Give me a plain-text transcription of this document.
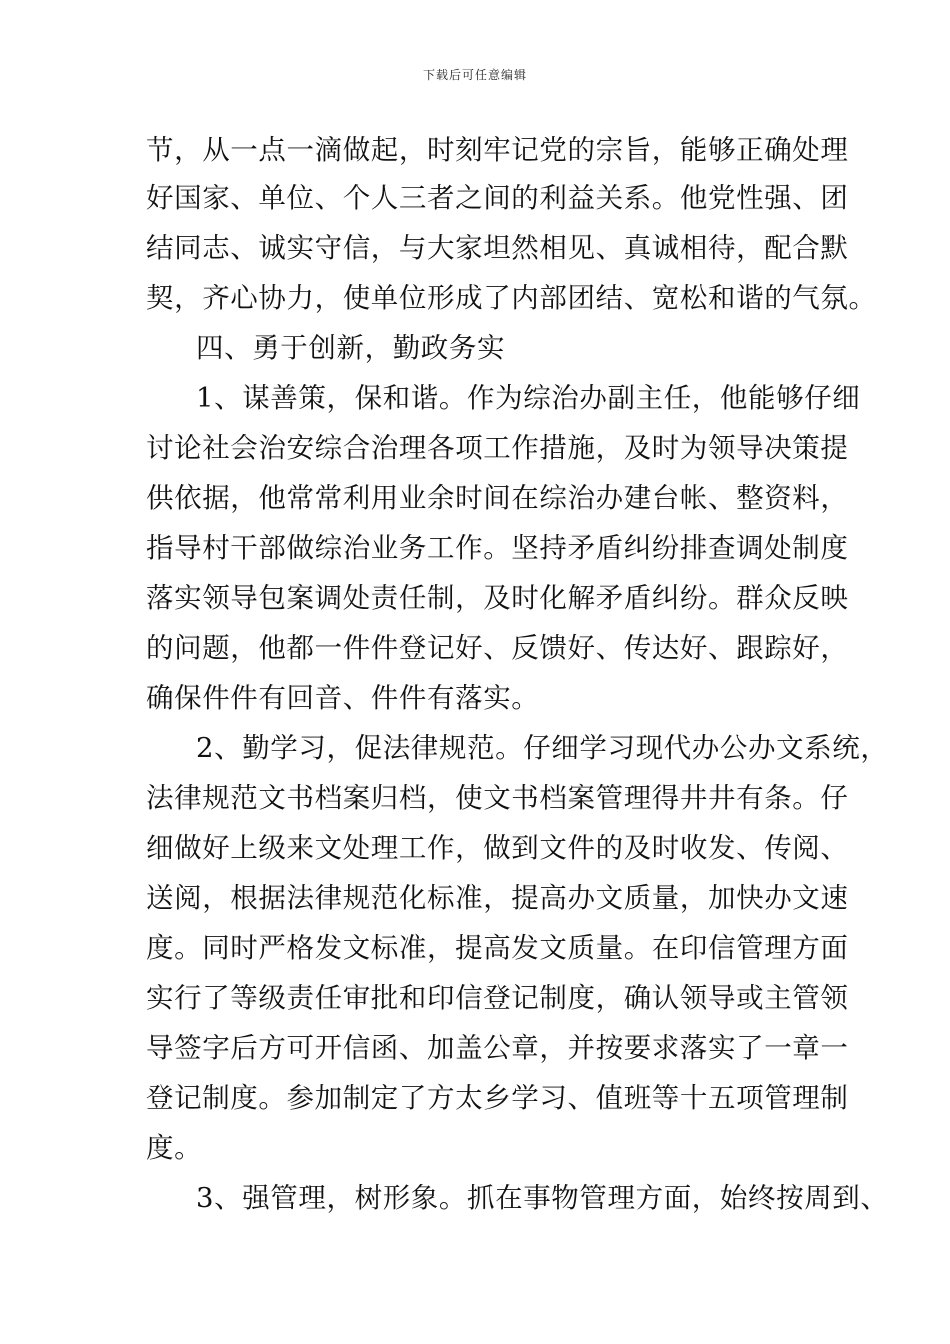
下载后可任意编辑
节，从一点一滴做起，时刻牢记党的宗旨，能够正确处理
好国家、单位、个人三者之间的利益关系。他党性强、团
结同志、诚实守信，与大家坦然相见、真诚相待，配合默
契，齐心协力，使单位形成了内部团结、宽松和谐的气氛。
四、勇于创新，勤政务实
1、谋善策，保和谐。作为综治办副主任，他能够仔细
讨论社会治安综合治理各项工作措施，及时为领导决策提
供依据，他常常利用业余时间在综治办建台帐、整资料，
指导村干部做综治业务工作。坚持矛盾纠纷排查调处制度
落实领导包案调处责任制，及时化解矛盾纠纷。群众反映
的问题，他都一件件登记好、反馈好、传达好、跟踪好，
确保件件有回音、件件有落实。
2、勤学习，促法律规范。仔细学习现代办公办文系统，
法律规范文书档案归档，使文书档案管理得井井有条。仔
细做好上级来文处理工作，做到文件的及时收发、传阅、
送阅，根据法律规范化标准，提高办文质量，加快办文速
度。同时严格发文标准，提高发文质量。在印信管理方面
实行了等级责任审批和印信登记制度，确认领导或主管领
导签字后方可开信函、加盖公章，并按要求落实了一章一
登记制度。参加制定了方太乡学习、值班等十五项管理制
度。
3、强管理，树形象。抓在事物管理方面，始终按周到、
